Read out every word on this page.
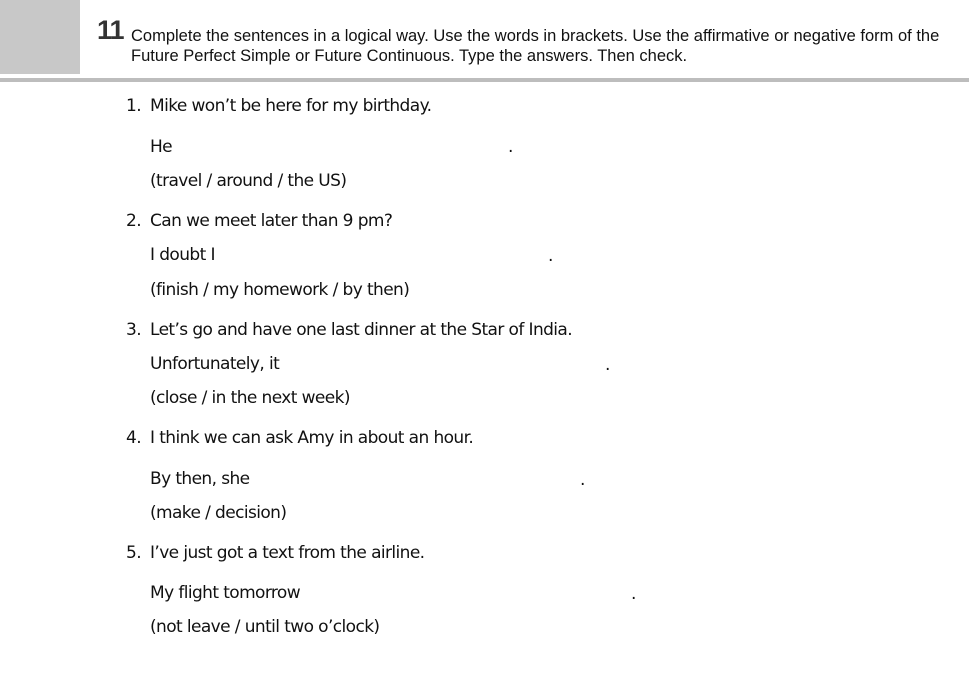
11 Complete the sentences in a logical way. Use the words in brackets. Use the affirmative or negative form of the Future Perfect Simple or Future Continuous. Type the answers. Then check.
1. Mike won’t be here for my birthday.
He	.
(travel / around / the US)
2. Can we meet later than 9 pm?
I doubt I	.
(finish / my homework / by then)
3. Let’s go and have one last dinner at the Star of India.
Unfortunately, it	.
(close / in the next week)
4. I think we can ask Amy in about an hour.
By then, she	.
(make / decision)
5. I’ve just got a text from the airline.
My flight tomorrow	.
(not leave / until two o’clock)
